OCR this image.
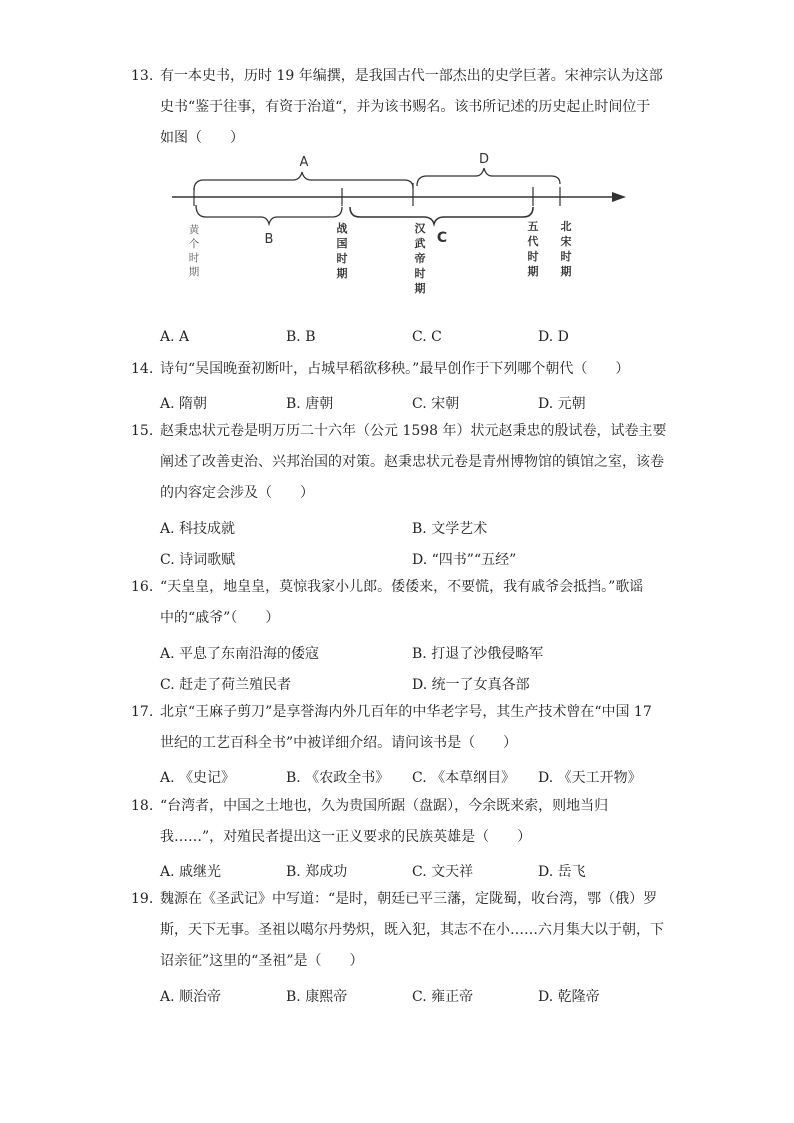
13. 有一本史书，历时 19 年编撰，是我国古代一部杰出的史学巨著。宋神宗认为这部
史书“鉴于往事，有资于治道“，并为该书赐名。该书所记述的历史起止时间位于
如图（　　）
A	D
B	C
黄
个
时
期
战
国
时
期
汉
武
帝
时
期
五
代
时
期
北
宋
时
期
A. A	B. B	C. C	D. D
14. 诗句“吴国晚蚕初断叶，占城早稻欲移秧。”最早创作于下列哪个朝代（　　）
A. 隋朝	B. 唐朝	C. 宋朝	D. 元朝
15. 赵秉忠状元卷是明万历二十六年（公元 1598 年）状元赵秉忠的殷试卷，试卷主要
阐述了改善吏治、兴邦治国的对策。赵秉忠状元卷是青州博物馆的镇馆之室，该卷
的内容定会涉及（　　）
A. 科技成就	B. 文学艺术
C. 诗词歌赋	D. “四书”“五经”
16. “天皇皇，地皇皇，莫惊我家小儿郎。倭倭来，不要慌，我有戚爷会抵挡。”歌谣
中的“戚爷”（　　）
A. 平息了东南沿海的倭寇	B. 打退了沙俄侵略军
C. 赶走了荷兰殖民者	D. 统一了女真各部
17. 北京“王麻子剪刀”是享誉海内外几百年的中华老字号，其生产技术曾在“中国 17
世纪的工艺百科全书”中被详细介绍。请问该书是（　　）
A. 《史记》	B. 《农政全书》 C. 《本草纲目》 D. 《天工开物》
18. “台湾者，中国之土地也，久为贵国所踞（盘踞），今余既来索，则地当归
我……”，对殖民者提出这一正义要求的民族英雄是（　　）
A. 戚继光	B. 郑成功	C. 文天祥	D. 岳飞
19. 魏源在《圣武记》中写道：“是时，朝廷已平三藩，定陇蜀，收台湾，鄂（俄）罗
斯，天下无事。圣祖以噶尔丹势炽，既入犯，其志不在小……六月集大以于朝，下
诏亲征”这里的“圣祖”是（　　）
A. 顺治帝	B. 康熙帝	C. 雍正帝	D. 乾隆帝
